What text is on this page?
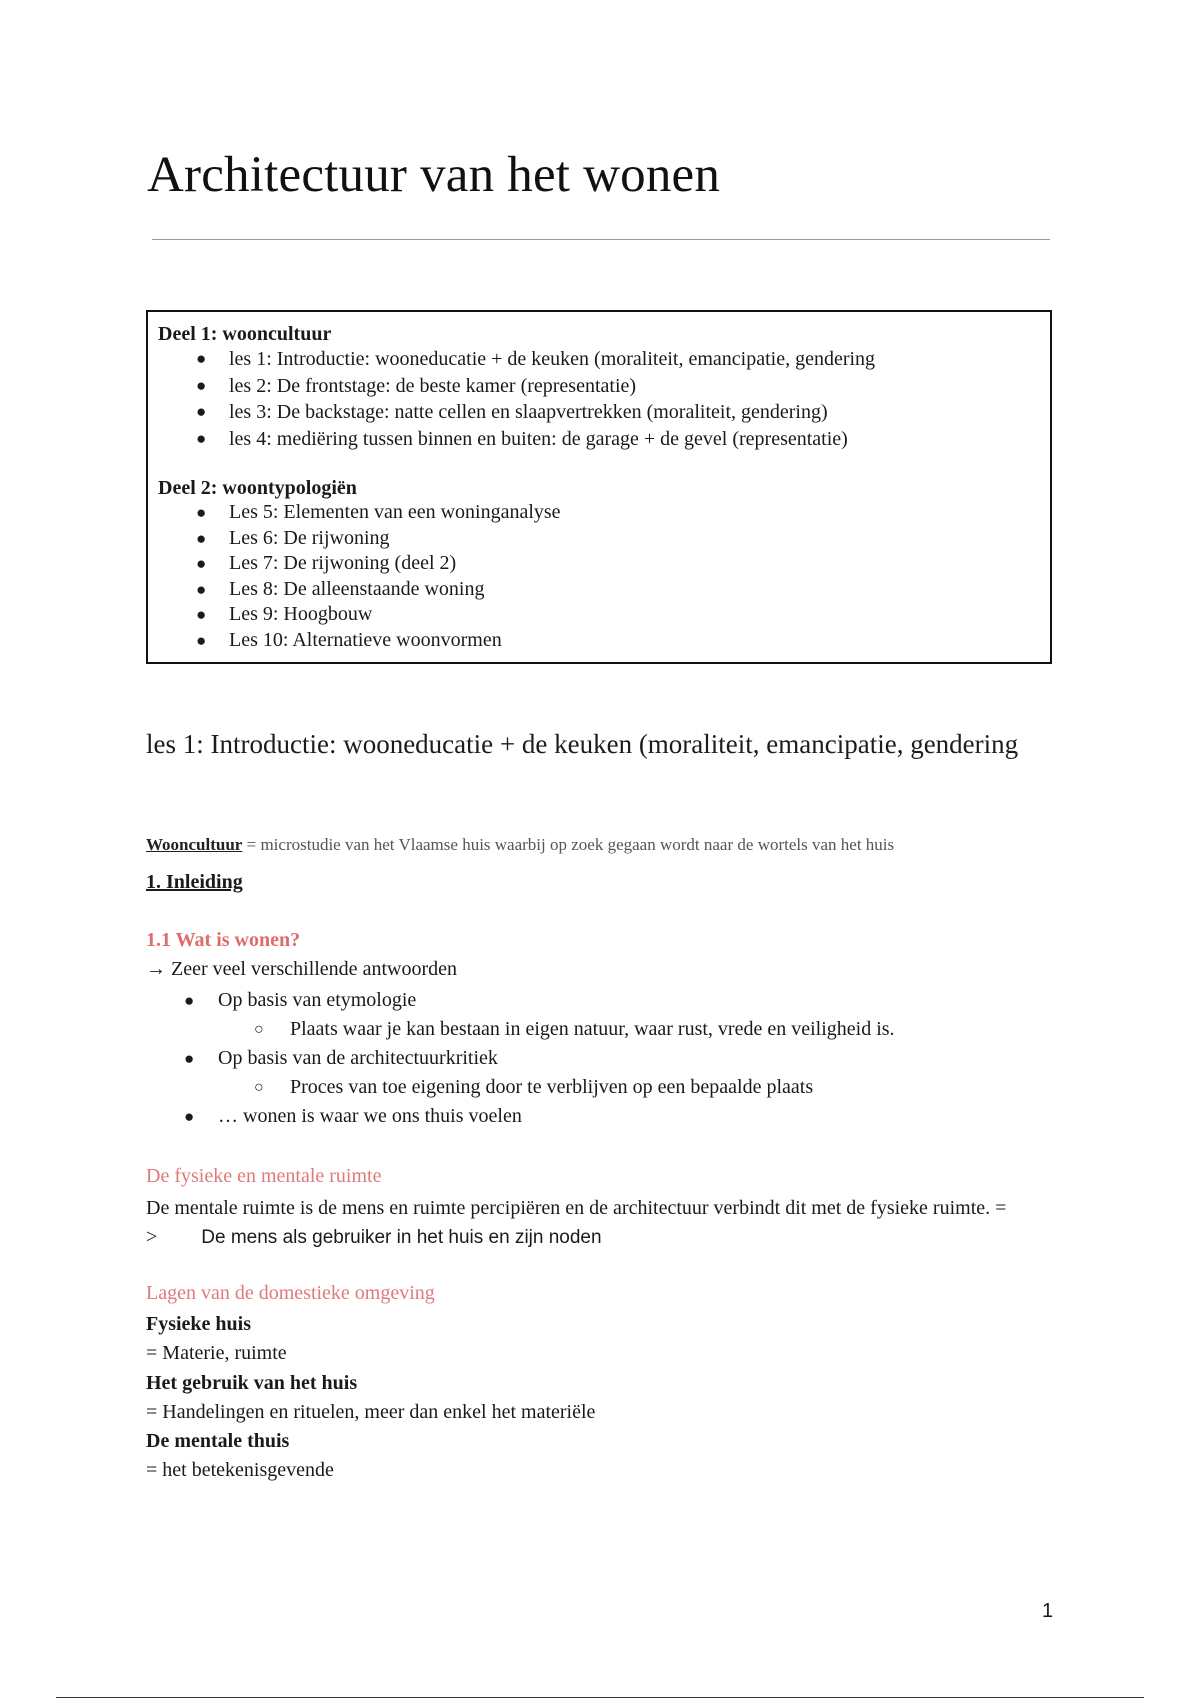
Architectuur van het wonen

Deel 1: wooncultuur

● les 1: Introductie: wooneducatie + de keuken (moraliteit, emancipatie, gendering
● les 2: De frontstage: de beste kamer (representatie)
● les 3: De backstage: natte cellen en slaapvertrekken (moraliteit, gendering)
● les 4: mediëring tussen binnen en buiten: de garage + de gevel (representatie)

Deel 2: woontypologiën

● Les 5: Elementen van een woninganalyse
● Les 6: De rijwoning
● Les 7: De rijwoning (deel 2)
● Les 8: De alleenstaande woning
● Les 9: Hoogbouw
● Les 10: Alternatieve woonvormen
les 1: Introductie: wooneducatie + de keuken (moraliteit, emancipatie, gendering
Wooncultuur = microstudie van het Vlaamse huis waarbij op zoek gegaan wordt naar de wortels van het huis
1. Inleiding
1.1 Wat is wonen?
→ Zeer veel verschillende antwoorden
● Op basis van etymologie
○ Plaats waar je kan bestaan in eigen natuur, waar rust, vrede en veiligheid is.
● Op basis van de architectuurkritiek
○ Proces van toe eigening door te verblijven op een bepaalde plaats
● … wonen is waar we ons thuis voelen
De fysieke en mentale ruimte
De mentale ruimte is de mens en ruimte percipiëren en de architectuur verbindt dit met de fysieke ruimte. = > De mens als gebruiker in het huis en zijn noden
Lagen van de domestieke omgeving
Fysieke huis
= Materie, ruimte
Het gebruik van het huis
= Handelingen en rituelen, meer dan enkel het materiële
De mentale thuis
= het betekenisgevende
1
